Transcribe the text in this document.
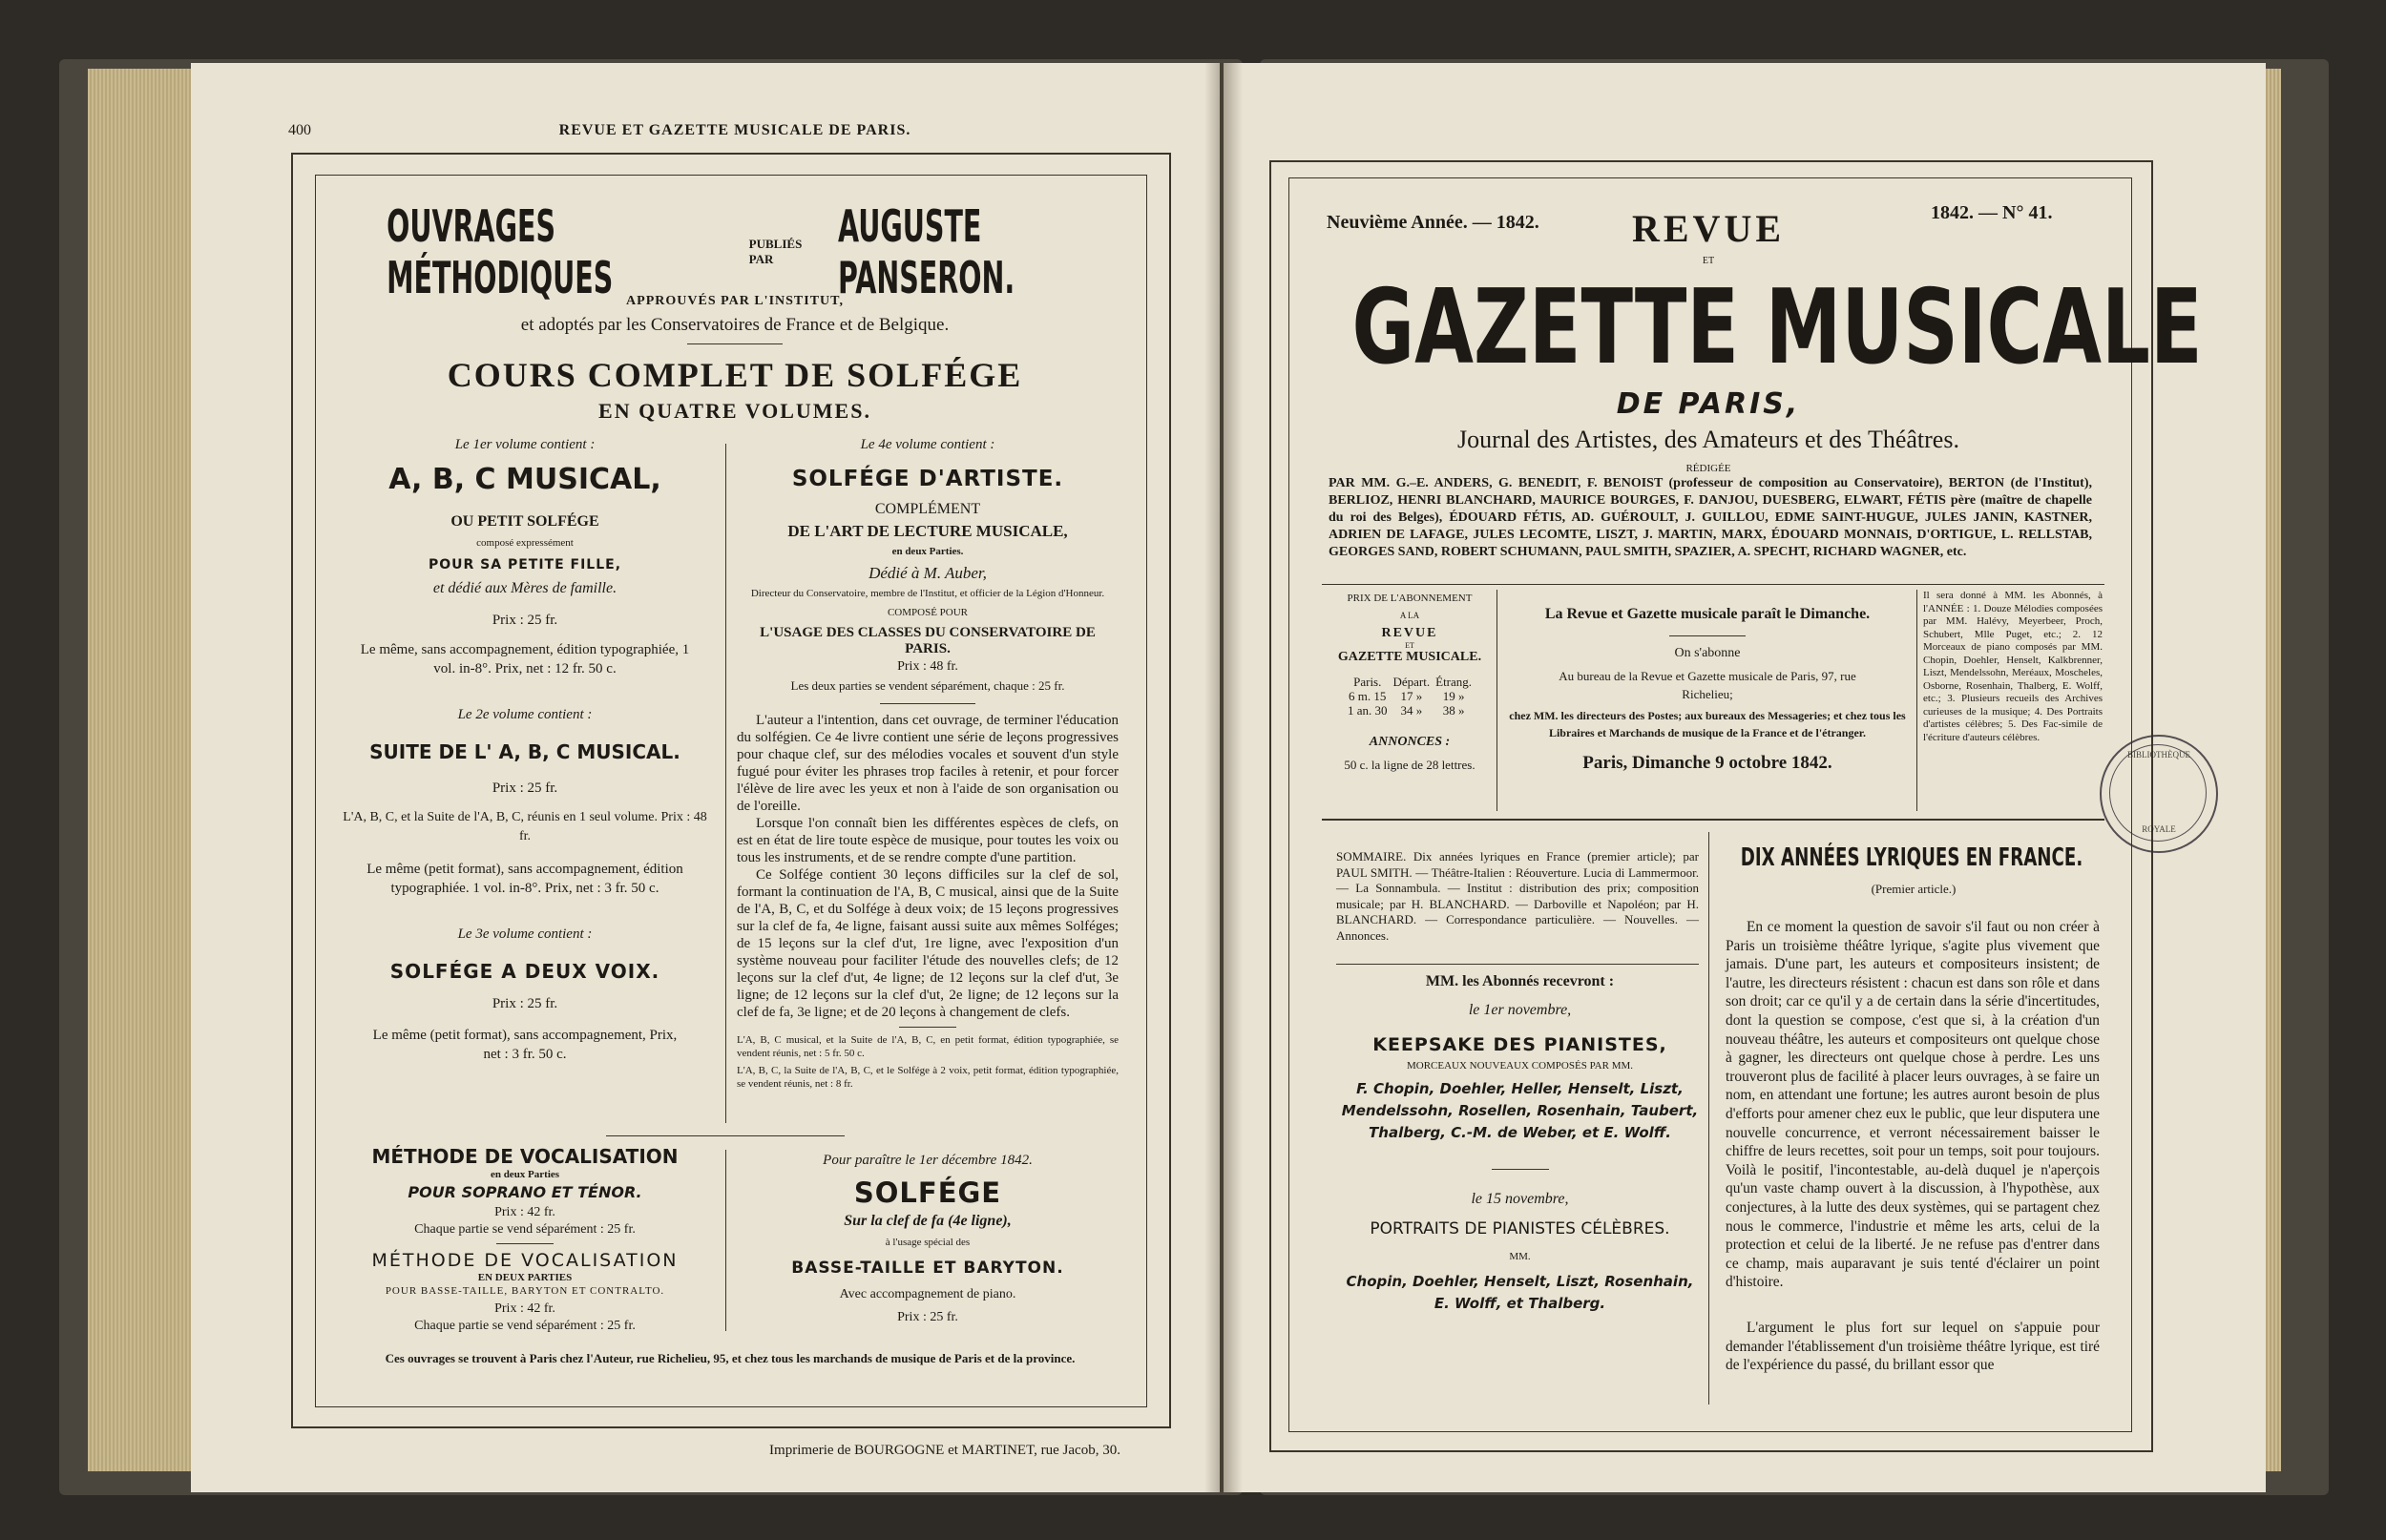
400	REVUE ET GAZETTE MUSICALE DE PARIS.
OUVRAGES MÉTHODIQUES
PUBLIÉS PAR
AUGUSTE PANSERON.
APPROUVÉS PAR L'INSTITUT,
et adoptés par les Conservatoires de France et de Belgique.
COURS COMPLET DE SOLFÉGE
EN QUATRE VOLUMES.
Le 1er volume contient :
A, B, C MUSICAL,
OU PETIT SOLFÉGE
composé expressément
POUR SA PETITE FILLE,
et dédié aux Mères de famille.
Prix : 25 fr.
Le même, sans accompagnement, édition typographiée, 1 vol. in-8°. Prix, net : 12 fr. 50 c.
Le 2e volume contient :
SUITE DE L' A, B, C MUSICAL.
Prix : 25 fr.
L'A, B, C, et la Suite de l'A, B, C, réunis en 1 seul volume. Prix : 48 fr.
Le même (petit format), sans accompagnement, édition typographiée. 1 vol. in-8°. Prix, net : 3 fr. 50 c.
Le 3e volume contient :
SOLFÉGE A DEUX VOIX.
Prix : 25 fr.
Le même (petit format), sans accompagnement, Prix, net : 3 fr. 50 c.
Le 4e volume contient :
SOLFÉGE D'ARTISTE.
COMPLÉMENT
DE L'ART DE LECTURE MUSICALE,
en deux Parties.
Dédié à M. Auber,
Directeur du Conservatoire, membre de l'Institut, et officier de la Légion d'Honneur.
COMPOSÉ POUR
L'USAGE DES CLASSES DU CONSERVATOIRE DE PARIS.
Prix : 48 fr.
Les deux parties se vendent séparément, chaque : 25 fr.
L'auteur a l'intention, dans cet ouvrage, de terminer l'éducation du solfégien. Ce 4e livre contient une série de leçons progressives pour chaque clef, sur des mélodies vocales et souvent d'un style fugué pour éviter les phrases trop faciles à retenir, et pour forcer l'élève de lire avec les yeux et non à l'aide de son organisation ou de l'oreille.
Lorsque l'on connaît bien les différentes espèces de clefs, on est en état de lire toute espèce de musique, pour toutes les voix ou tous les instruments, et de se rendre compte d'une partition.
Ce Solfége contient 30 leçons difficiles sur la clef de sol, formant la continuation de l'A, B, C musical, ainsi que de la Suite de l'A, B, C, et du Solfége à deux voix; de 15 leçons progressives sur la clef de fa, 4e ligne, faisant aussi suite aux mêmes Solféges; de 15 leçons sur la clef d'ut, 1re ligne, avec l'exposition d'un système nouveau pour faciliter l'étude des nouvelles clefs; de 12 leçons sur la clef d'ut, 4e ligne; de 12 leçons sur la clef d'ut, 3e ligne; de 12 leçons sur la clef d'ut, 2e ligne; de 12 leçons sur la clef de fa, 3e ligne; et de 20 leçons à changement de clefs.
L'A, B, C musical, et la Suite de l'A, B, C, en petit format, édition typographiée, se vendent réunis, net : 5 fr. 50 c.
L'A, B, C, la Suite de l'A, B, C, et le Solfége à 2 voix, petit format, édition typographiée, se vendent réunis, net : 8 fr.
MÉTHODE DE VOCALISATION
en deux Parties
POUR SOPRANO ET TÉNOR.
Prix : 42 fr.
Chaque partie se vend séparément : 25 fr.
MÉTHODE DE VOCALISATION
EN DEUX PARTIES
POUR BASSE-TAILLE, BARYTON ET CONTRALTO.
Prix : 42 fr.
Chaque partie se vend séparément : 25 fr.
Pour paraître le 1er décembre 1842.
SOLFÉGE
Sur la clef de fa (4e ligne),
à l'usage spécial des
BASSE-TAILLE ET BARYTON.
Avec accompagnement de piano.
Prix : 25 fr.
Ces ouvrages se trouvent à Paris chez l'Auteur, rue Richelieu, 95, et chez tous les marchands de musique de Paris et de la province.
Imprimerie de BOURGOGNE et MARTINET, rue Jacob, 30.
Neuvième Année. — 1842.	1842. — N° 41.
REVUE
ET
GAZETTE MUSICALE
DE PARIS,
Journal des Artistes, des Amateurs et des Théâtres.
RÉDIGÉE
PAR MM. G.–E. ANDERS, G. BENEDIT, F. BENOIST (professeur de composition au Conservatoire), BERTON (de l'Institut), BERLIOZ, HENRI BLANCHARD, MAURICE BOURGES, F. DANJOU, DUESBERG, ELWART, FÉTIS père (maître de chapelle du roi des Belges), ÉDOUARD FÉTIS, AD. GUÉROULT, J. GUILLOU, EDME SAINT-HUGUE, JULES JANIN, KASTNER, ADRIEN DE LAFAGE, JULES LECOMTE, LISZT, J. MARTIN, MARX, ÉDOUARD MONNAIS, D'ORTIGUE, L. RELLSTAB, GEORGES SAND, ROBERT SCHUMANN, PAUL SMITH, SPAZIER, A. SPECHT, RICHARD WAGNER, etc.
PRIX DE L'ABONNEMENT
A LA
REVUE
ET
GAZETTE MUSICALE.
Paris.	Départ.	Étrang.
6 m. 15	17 »	19 »
1 an. 30	34 »	38 »
ANNONCES :
50 c. la ligne de 28 lettres.
La Revue et Gazette musicale paraît le Dimanche.
On s'abonne
Au bureau de la Revue et Gazette musicale de Paris, 97, rue Richelieu;
chez MM. les directeurs des Postes; aux bureaux des Messageries; et chez tous les Libraires et Marchands de musique de la France et de l'étranger.
Paris, Dimanche 9 octobre 1842.
Il sera donné à MM. les Abonnés, à l'ANNÉE : 1. Douze Mélodies composées par MM. Halévy, Meyerbeer, Proch, Schubert, Mlle Puget, etc.; 2. 12 Morceaux de piano composés par MM. Chopin, Doehler, Henselt, Kalkbrenner, Liszt, Mendelssohn, Meréaux, Moscheles, Osborne, Rosenhain, Thalberg, E. Wolff, etc.; 3. Plusieurs recueils des Archives curieuses de la musique; 4. Des Portraits d'artistes célèbres; 5. Des Fac-simile de l'écriture d'auteurs célèbres.
BIBLIOTHÈQUE
ROYALE
SOMMAIRE. Dix années lyriques en France (premier article); par PAUL SMITH. — Théâtre-Italien : Réouverture. Lucia di Lammermoor. — La Sonnambula. — Institut : distribution des prix; composition musicale; par H. BLANCHARD. — Darboville et Napoléon; par H. BLANCHARD. — Correspondance particulière. — Nouvelles. — Annonces.
MM. les Abonnés recevront :
le 1er novembre,
KEEPSAKE DES PIANISTES,
MORCEAUX NOUVEAUX COMPOSÉS PAR MM.
F. Chopin, Doehler, Heller, Henselt, Liszt, Mendelssohn, Rosellen, Rosenhain, Taubert, Thalberg, C.-M. de Weber, et E. Wolff.
le 15 novembre,
PORTRAITS DE PIANISTES CÉLÈBRES.
MM.
Chopin, Doehler, Henselt, Liszt, Rosenhain, E. Wolff, et Thalberg.
DIX ANNÉES LYRIQUES EN FRANCE.
(Premier article.)
En ce moment la question de savoir s'il faut ou non créer à Paris un troisième théâtre lyrique, s'agite plus vivement que jamais. D'une part, les auteurs et compositeurs insistent; de l'autre, les directeurs résistent : chacun est dans son rôle et dans son droit; car ce qu'il y a de certain dans la série d'incertitudes, dont la question se compose, c'est que si, à la création d'un nouveau théâtre, les auteurs et compositeurs ont quelque chose à gagner, les directeurs ont quelque chose à perdre. Les uns trouveront plus de facilité à placer leurs ouvrages, à se faire un nom, en attendant une fortune; les autres auront besoin de plus d'efforts pour amener chez eux le public, que leur disputera une nouvelle concurrence, et verront nécessairement baisser le chiffre de leurs recettes, soit pour un temps, soit pour toujours. Voilà le positif, l'incontestable, au-delà duquel je n'aperçois qu'un vaste champ ouvert à la discussion, à l'hypothèse, aux conjectures, à la lutte des deux systèmes, qui se partagent chez nous le commerce, l'industrie et même les arts, celui de la protection et celui de la liberté. Je ne refuse pas d'entrer dans ce champ, mais auparavant je suis tenté d'éclairer un point d'histoire.
L'argument le plus fort sur lequel on s'appuie pour demander l'établissement d'un troisième théâtre lyrique, est tiré de l'expérience du passé, du brillant essor que
